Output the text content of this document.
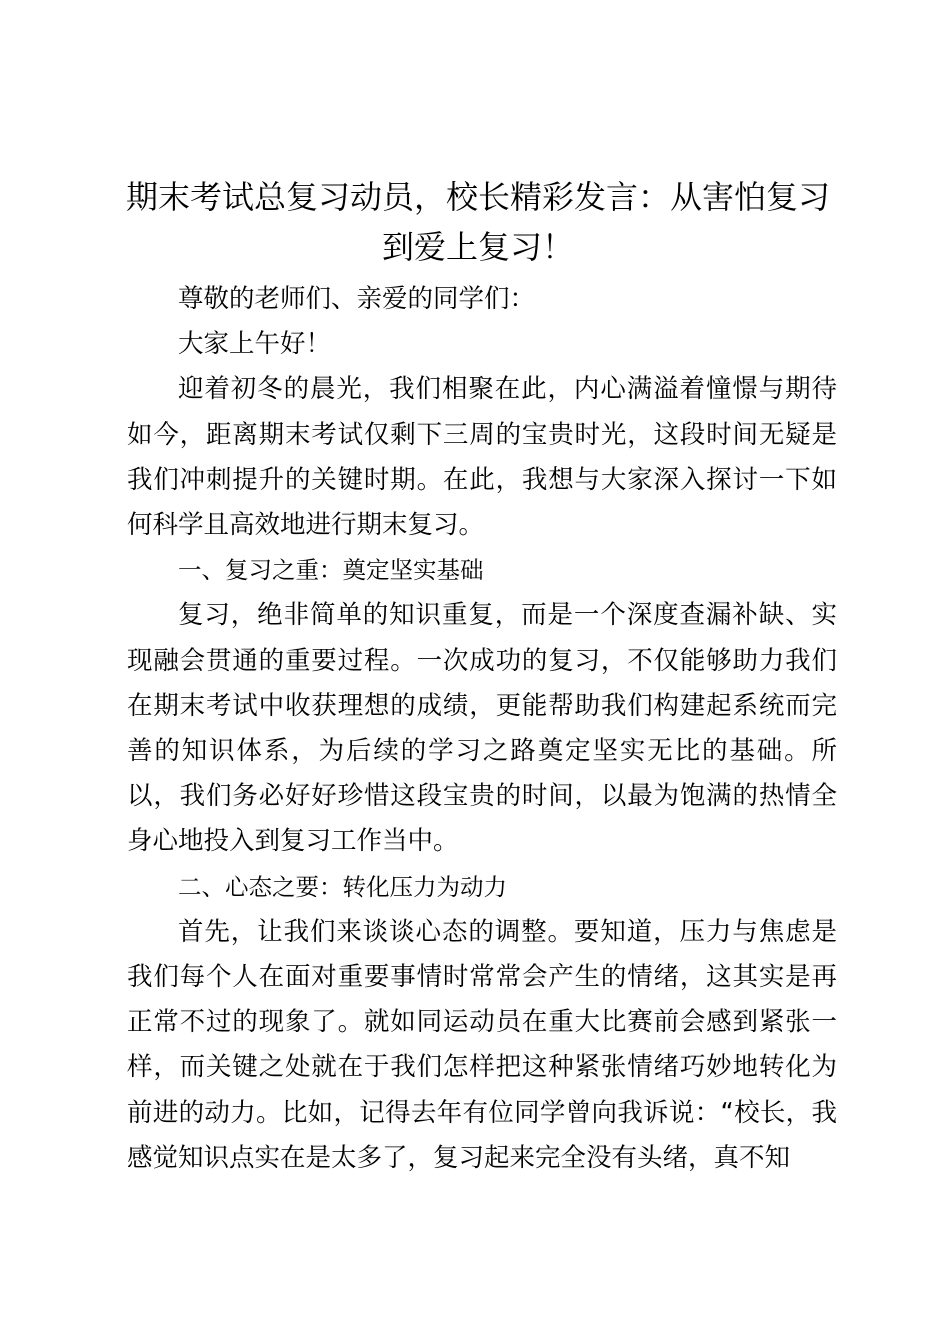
期末考试总复习动员，校长精彩发言：从害怕复习到爱上复习！

尊敬的老师们、亲爱的同学们：

大家上午好！

迎着初冬的晨光，我们相聚在此，内心满溢着憧憬与期待如今，距离期末考试仅剩下三周的宝贵时光，这段时间无疑是我们冲刺提升的关键时期。在此，我想与大家深入探讨一下如何科学且高效地进行期末复习。

一、复习之重：奠定坚实基础

复习，绝非简单的知识重复，而是一个深度查漏补缺、实现融会贯通的重要过程。一次成功的复习，不仅能够助力我们在期末考试中收获理想的成绩，更能帮助我们构建起系统而完善的知识体系，为后续的学习之路奠定坚实无比的基础。所以，我们务必好好珍惜这段宝贵的时间，以最为饱满的热情全身心地投入到复习工作当中。

二、心态之要：转化压力为动力

首先，让我们来谈谈心态的调整。要知道，压力与焦虑是我们每个人在面对重要事情时常常会产生的情绪，这其实是再正常不过的现象了。就如同运动员在重大比赛前会感到紧张一样，而关键之处就在于我们怎样把这种紧张情绪巧妙地转化为前进的动力。比如，记得去年有位同学曾向我诉说：“校长，我感觉知识点实在是太多了，复习起来完全没有头绪，真不知
